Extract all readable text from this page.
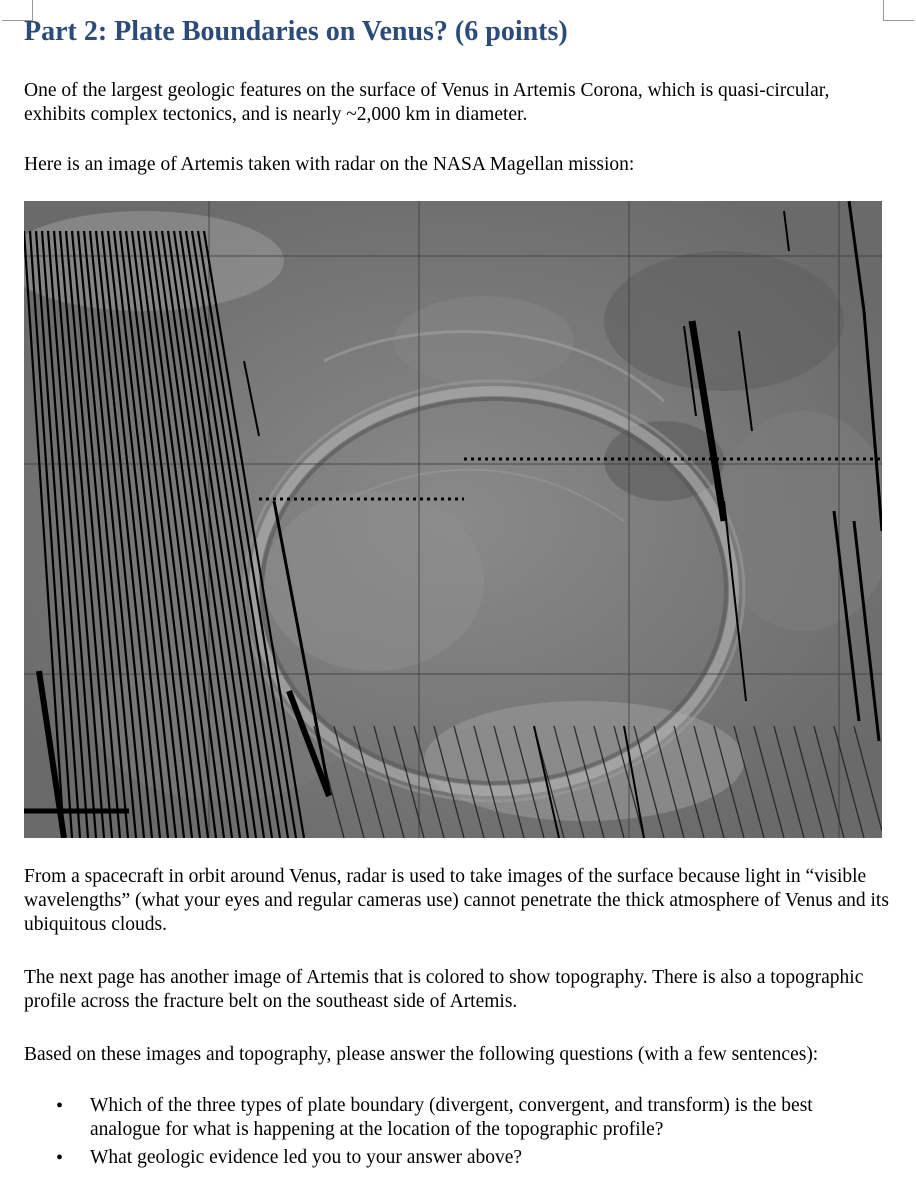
Part 2: Plate Boundaries on Venus? (6 points)

One of the largest geologic features on the surface of Venus in Artemis Corona, which is quasi-circular, exhibits complex tectonics, and is nearly ~2,000 km in diameter.

Here is an image of Artemis taken with radar on the NASA Magellan mission:

From a spacecraft in orbit around Venus, radar is used to take images of the surface because light in “visible wavelengths” (what your eyes and regular cameras use) cannot penetrate the thick atmosphere of Venus and its ubiquitous clouds.

The next page has another image of Artemis that is colored to show topography. There is also a topographic profile across the fracture belt on the southeast side of Artemis.

Based on these images and topography, please answer the following questions (with a few sentences):

• Which of the three types of plate boundary (divergent, convergent, and transform) is the best analogue for what is happening at the location of the topographic profile?
• What geologic evidence led you to your answer above?
